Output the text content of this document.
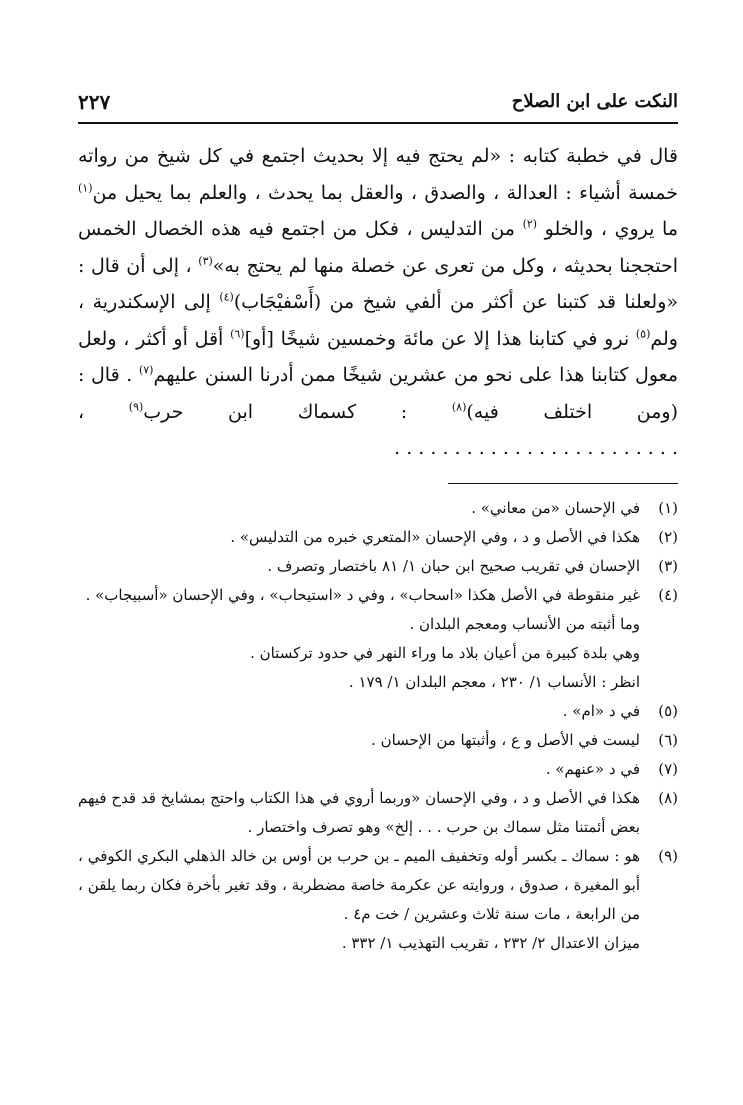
النكت على ابن الصلاح
٢٢٧

قال في خطبة كتابه : «لم يحتج فيه إلا بحديث اجتمع في كل شيخ من رواته خمسة أشياء : العدالة ، والصدق ، والعقل بما يحدث ، والعلم بما يحيل من$^{(١)}$ ما يروي ، والخلو $^{(٢)}$ من التدليس ، فكل من اجتمع فيه هذه الخصال الخمس احتججنا بحديثه ، وكل من تعرى عن خصلة منها لم يحتج به»$^{(٣)}$ ، إلى أن قال : «ولعلنا قد كتبنا عن أكثر من ألفي شيخ من (أَسْفيْجَاب)$^{(٤)}$ إلى الإسكندرية ، ولم$^{(٥)}$ نرو في كتابنا هذا إلا عن مائة وخمسين شيخًا [أو]$^{(٦)}$ أقل أو أكثر ، ولعل معول كتابنا هذا على نحو من عشرين شيخًا ممن أدرنا السنن عليهم$^{(٧)}$ . قال : (ومن اختلف فيه)$^{(٨)}$ : كسماك ابن حرب$^{(٩)}$ ، . . . . . . . . . . . . . . . . . . . . . . . .

(١)
في الإحسان «من معاني» .
(٢)
هكذا في الأصل و د ، وفي الإحسان «المتعري خبره من التدليس» .
(٣)
الإحسان في تقريب صحيح ابن حبان ١/ ٨١ باختصار وتصرف .
(٤)
غير منقوطة في الأصل هكذا «اسحاب» ، وفي د «استيحاب» ، وفي الإحسان «أسبيجاب» .
وما أثبته من الأنساب ومعجم البلدان .
وهي بلدة كبيرة من أعيان بلاد ما وراء النهر في حدود تركستان .
انظر : الأنساب ١/ ٢٣٠ ، معجم البلدان ١/ ١٧٩ .
(٥)
في د «ام» .
(٦)
ليست في الأصل و ع ، وأثبتها من الإحسان .
(٧)
في د «عنهم» .
(٨)
هكذا في الأصل و د ، وفي الإحسان «وربما أروي في هذا الكتاب واحتج بمشايخ قد قدح فيهم بعض أئمتنا مثل سماك بن حرب . . . إلخ» وهو تصرف واختصار .
(٩)
هو : سماك ـ بكسر أوله وتخفيف الميم ـ بن حرب بن أوس بن خالد الذهلي البكري الكوفي ، أبو المغيرة ، صدوق ، وروايته عن عكرمة خاصة مضطربة ، وقد تغير بأخرة فكان ربما يلقن ، من الرابعة ، مات سنة ثلاث وعشرين / خت م٤ .
ميزان الاعتدال ٢/ ٢٣٢ ، تقريب التهذيب ١/ ٣٣٢ .
